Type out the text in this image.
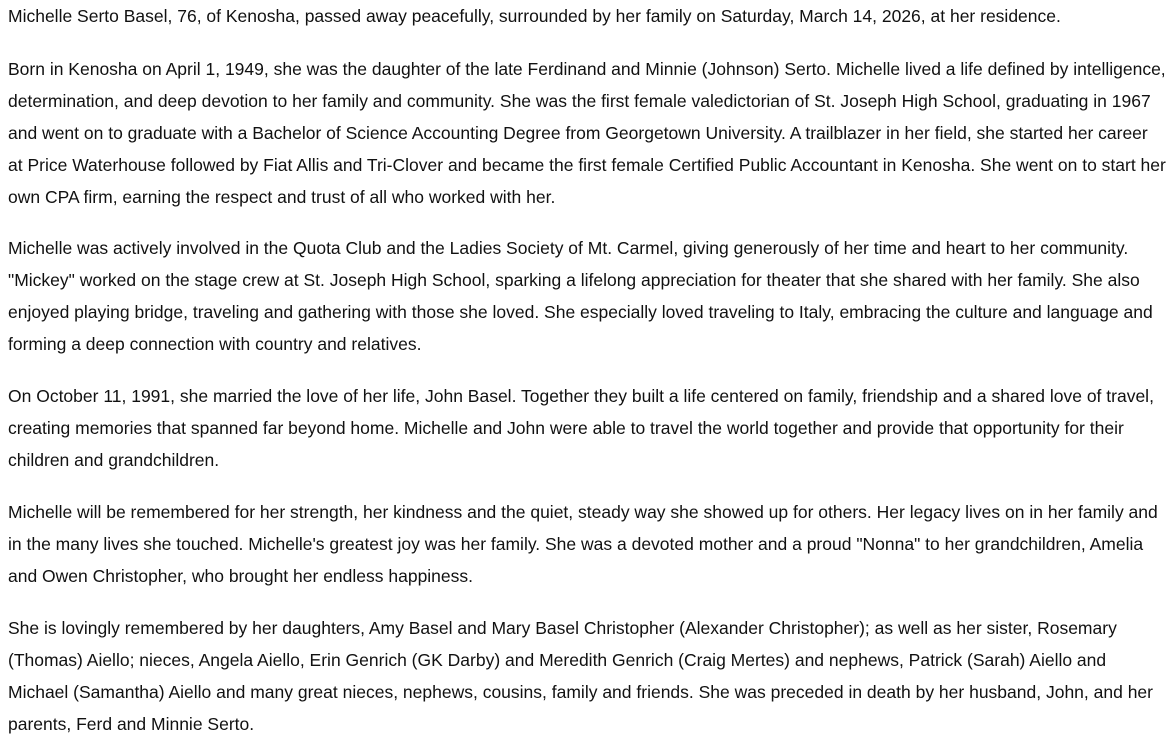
Michelle Serto Basel, 76, of Kenosha, passed away peacefully, surrounded by her family on Saturday, March 14, 2026, at her residence.

Born in Kenosha on April 1, 1949, she was the daughter of the late Ferdinand and Minnie (Johnson) Serto. Michelle lived a life defined by intelligence, determination, and deep devotion to her family and community. She was the first female valedictorian of St. Joseph High School, graduating in 1967 and went on to graduate with a Bachelor of Science Accounting Degree from Georgetown University. A trailblazer in her field, she started her career at Price Waterhouse followed by Fiat Allis and Tri-Clover and became the first female Certified Public Accountant in Kenosha. She went on to start her own CPA firm, earning the respect and trust of all who worked with her.

Michelle was actively involved in the Quota Club and the Ladies Society of Mt. Carmel, giving generously of her time and heart to her community. "Mickey" worked on the stage crew at St. Joseph High School, sparking a lifelong appreciation for theater that she shared with her family. She also enjoyed playing bridge, traveling and gathering with those she loved. She especially loved traveling to Italy, embracing the culture and language and forming a deep connection with country and relatives.

On October 11, 1991, she married the love of her life, John Basel. Together they built a life centered on family, friendship and a shared love of travel, creating memories that spanned far beyond home. Michelle and John were able to travel the world together and provide that opportunity for their children and grandchildren.

Michelle will be remembered for her strength, her kindness and the quiet, steady way she showed up for others. Her legacy lives on in her family and in the many lives she touched. Michelle's greatest joy was her family. She was a devoted mother and a proud "Nonna" to her grandchildren, Amelia and Owen Christopher, who brought her endless happiness.

She is lovingly remembered by her daughters, Amy Basel and Mary Basel Christopher (Alexander Christopher); as well as her sister, Rosemary (Thomas) Aiello; nieces, Angela Aiello, Erin Genrich (GK Darby) and Meredith Genrich (Craig Mertes) and nephews, Patrick (Sarah) Aiello and Michael (Samantha) Aiello and many great nieces, nephews, cousins, family and friends. She was preceded in death by her husband, John, and her parents, Ferd and Minnie Serto.
